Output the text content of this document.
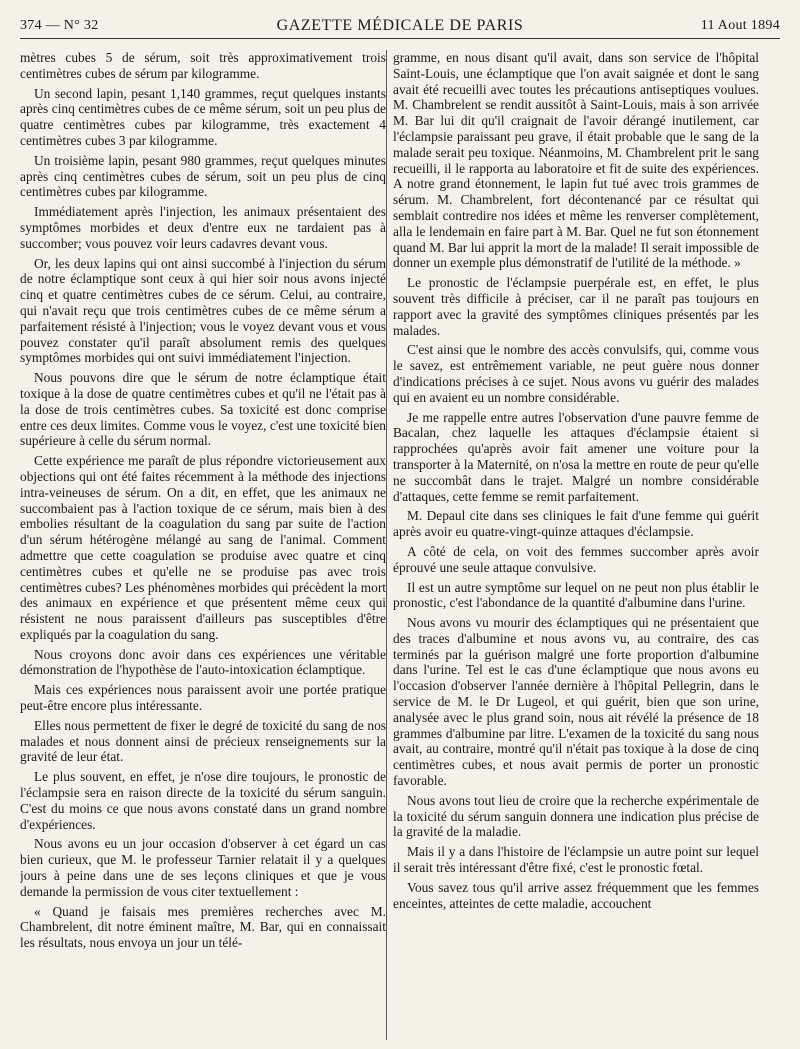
374 — N° 32	GAZETTE MÉDICALE DE PARIS	11 Aout 1894

mètres cubes 5 de sérum, soit très approximativement trois centimètres cubes de sérum par kilogramme.

Un second lapin, pesant 1,140 grammes, reçut quelques instants après cinq centimètres cubes de ce même sérum, soit un peu plus de quatre centimètres cubes par kilogramme, très exactement 4 centimètres cubes 3 par kilogramme.

Un troisième lapin, pesant 980 grammes, reçut quelques minutes après cinq centimètres cubes de sérum, soit un peu plus de cinq centimètres cubes par kilogramme.

Immédiatement après l'injection, les animaux présentaient des symptômes morbides et deux d'entre eux ne tardaient pas à succomber; vous pouvez voir leurs cadavres devant vous.

Or, les deux lapins qui ont ainsi succombé à l'injection du sérum de notre éclamptique sont ceux à qui hier soir nous avons injecté cinq et quatre centimètres cubes de ce sérum. Celui, au contraire, qui n'avait reçu que trois centimètres cubes de ce même sérum a parfaitement résisté à l'injection; vous le voyez devant vous et vous pouvez constater qu'il paraît absolument remis des quelques symptômes morbides qui ont suivi immédiatement l'injection.

Nous pouvons dire que le sérum de notre éclamptique était toxique à la dose de quatre centimètres cubes et qu'il ne l'était pas à la dose de trois centimètres cubes. Sa toxicité est donc comprise entre ces deux limites. Comme vous le voyez, c'est une toxicité bien supérieure à celle du sérum normal.

Cette expérience me paraît de plus répondre victorieusement aux objections qui ont été faites récemment à la méthode des injections intra-veineuses de sérum. On a dit, en effet, que les animaux ne succombaient pas à l'action toxique de ce sérum, mais bien à des embolies résultant de la coagulation du sang par suite de l'action d'un sérum hétérogène mélangé au sang de l'animal. Comment admettre que cette coagulation se produise avec quatre et cinq centimètres cubes et qu'elle ne se produise pas avec trois centimètres cubes? Les phénomènes morbides qui précèdent la mort des animaux en expérience et que présentent même ceux qui résistent ne nous paraissent d'ailleurs pas susceptibles d'être expliqués par la coagulation du sang.

Nous croyons donc avoir dans ces expériences une véritable démonstration de l'hypothèse de l'auto-intoxication éclamptique.

Mais ces expériences nous paraissent avoir une portée pratique peut-être encore plus intéressante.

Elles nous permettent de fixer le degré de toxicité du sang de nos malades et nous donnent ainsi de précieux renseignements sur la gravité de leur état.

Le plus souvent, en effet, je n'ose dire toujours, le pronostic de l'éclampsie sera en raison directe de la toxicité du sérum sanguin. C'est du moins ce que nous avons constaté dans un grand nombre d'expériences.

Nous avons eu un jour occasion d'observer à cet égard un cas bien curieux, que M. le professeur Tarnier relatait il y a quelques jours à peine dans une de ses leçons cliniques et que je vous demande la permission de vous citer textuellement :

« Quand je faisais mes premières recherches avec M. Chambrelent, dit notre éminent maître, M. Bar, qui en connaissait les résultats, nous envoya un jour un télé-

gramme, en nous disant qu'il avait, dans son service de l'hôpital Saint-Louis, une éclamptique que l'on avait saignée et dont le sang avait été recueilli avec toutes les précautions antiseptiques voulues. M. Chambrelent se rendit aussitôt à Saint-Louis, mais à son arrivée M. Bar lui dit qu'il craignait de l'avoir dérangé inutilement, car l'éclampsie paraissant peu grave, il était probable que le sang de la malade serait peu toxique. Néanmoins, M. Chambrelent prit le sang recueilli, il le rapporta au laboratoire et fit de suite des expériences. A notre grand étonnement, le lapin fut tué avec trois grammes de sérum. M. Chambrelent, fort décontenancé par ce résultat qui semblait contredire nos idées et même les renverser complètement, alla le lendemain en faire part à M. Bar. Quel ne fut son étonnement quand M. Bar lui apprit la mort de la malade! Il serait impossible de donner un exemple plus démonstratif de l'utilité de la méthode. »

Le pronostic de l'éclampsie puerpérale est, en effet, le plus souvent très difficile à préciser, car il ne paraît pas toujours en rapport avec la gravité des symptômes cliniques présentés par les malades.

C'est ainsi que le nombre des accès convulsifs, qui, comme vous le savez, est entrêmement variable, ne peut guère nous donner d'indications précises à ce sujet. Nous avons vu guérir des malades qui en avaient eu un nombre considérable.

Je me rappelle entre autres l'observation d'une pauvre femme de Bacalan, chez laquelle les attaques d'éclampsie étaient si rapprochées qu'après avoir fait amener une voiture pour la transporter à la Maternité, on n'osa la mettre en route de peur qu'elle ne succombât dans le trajet. Malgré un nombre considérable d'attaques, cette femme se remit parfaitement.

M. Depaul cite dans ses cliniques le fait d'une femme qui guérit après avoir eu quatre-vingt-quinze attaques d'éclampsie.

A côté de cela, on voit des femmes succomber après avoir éprouvé une seule attaque convulsive.

Il est un autre symptôme sur lequel on ne peut non plus établir le pronostic, c'est l'abondance de la quantité d'albumine dans l'urine.

Nous avons vu mourir des éclamptiques qui ne présentaient que des traces d'albumine et nous avons vu, au contraire, des cas terminés par la guérison malgré une forte proportion d'albumine dans l'urine. Tel est le cas d'une éclamptique que nous avons eu l'occasion d'observer l'année dernière à l'hôpital Pellegrin, dans le service de M. le Dr Lugeol, et qui guérit, bien que son urine, analysée avec le plus grand soin, nous ait révélé la présence de 18 grammes d'albumine par litre. L'examen de la toxicité du sang nous avait, au contraire, montré qu'il n'était pas toxique à la dose de cinq centimètres cubes, et nous avait permis de porter un pronostic favorable.

Nous avons tout lieu de croire que la recherche expérimentale de la toxicité du sérum sanguin donnera une indication plus précise de la gravité de la maladie.

Mais il y a dans l'histoire de l'éclampsie un autre point sur lequel il serait très intéressant d'être fixé, c'est le pronostic fœtal.

Vous savez tous qu'il arrive assez fréquemment que les femmes enceintes, atteintes de cette maladie, accouchent
